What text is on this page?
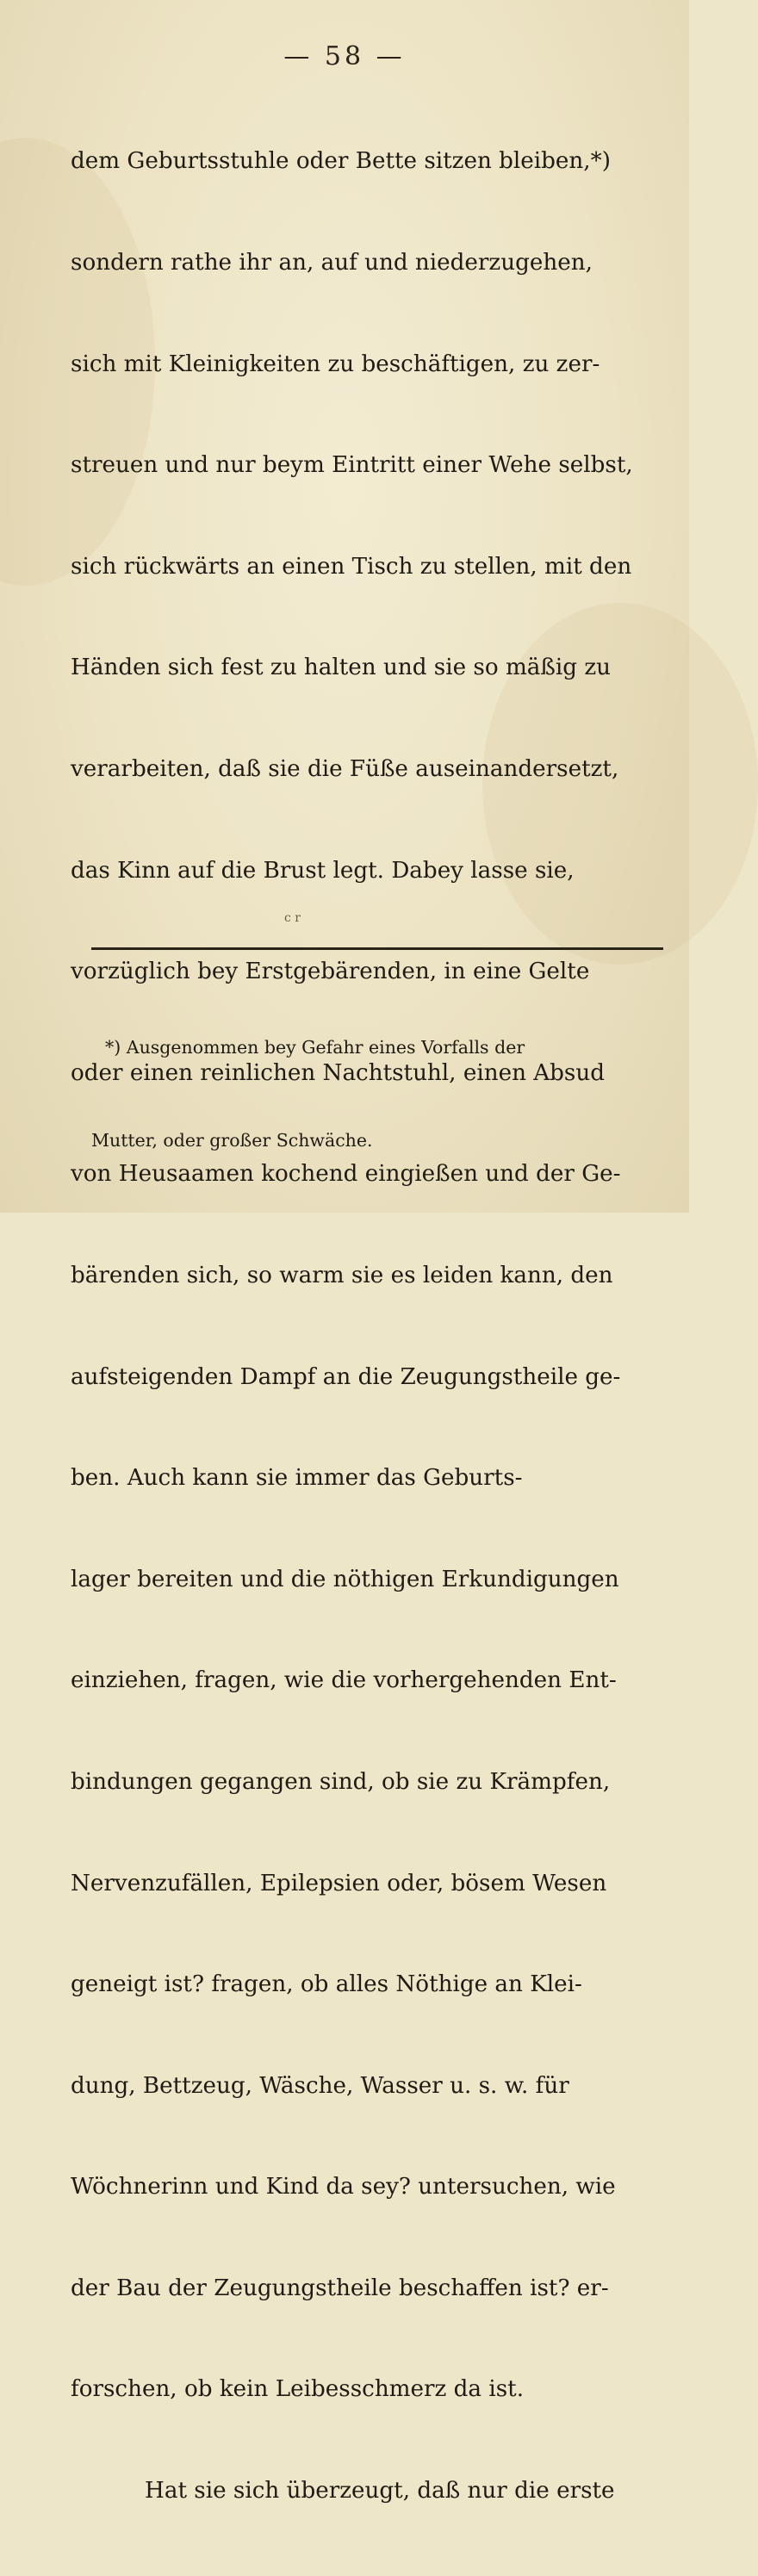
— 58 —

dem Geburtsstuhle oder Bette sitzen bleiben,*)

sondern rathe ihr an, auf und niederzugehen,

sich mit Kleinigkeiten zu beschäftigen, zu zer-

streuen und nur beym Eintritt einer Wehe selbst,

sich rückwärts an einen Tisch zu stellen, mit den

Händen sich fest zu halten und sie so mäßig zu

verarbeiten, daß sie die Füße auseinandersetzt,

das Kinn auf die Brust legt. Dabey lasse sie,

vorzüglich bey Erstgebärenden, in eine Gelte

oder einen reinlichen Nachtstuhl, einen Absud

von Heusaamen kochend eingießen und der Ge-

bärenden sich, so warm sie es leiden kann, den

aufsteigenden Dampf an die Zeugungstheile ge-

ben. Auch kann sie immer das Geburts-

lager bereiten und die nöthigen Erkundigungen

einziehen, fragen, wie die vorhergehenden Ent-

bindungen gegangen sind, ob sie zu Krämpfen,

Nervenzufällen, Epilepsien oder, bösem Wesen

geneigt ist? fragen, ob alles Nöthige an Klei-

dung, Bettzeug, Wäsche, Wasser u. s. w. für

Wöchnerinn und Kind da sey? untersuchen, wie

der Bau der Zeugungstheile beschaffen ist? er-

forschen, ob kein Leibesschmerz da ist.

Hat sie sich überzeugt, daß nur die erste

c r

*) Ausgenommen bey Gefahr eines Vorfalls der

Mutter, oder großer Schwäche.
